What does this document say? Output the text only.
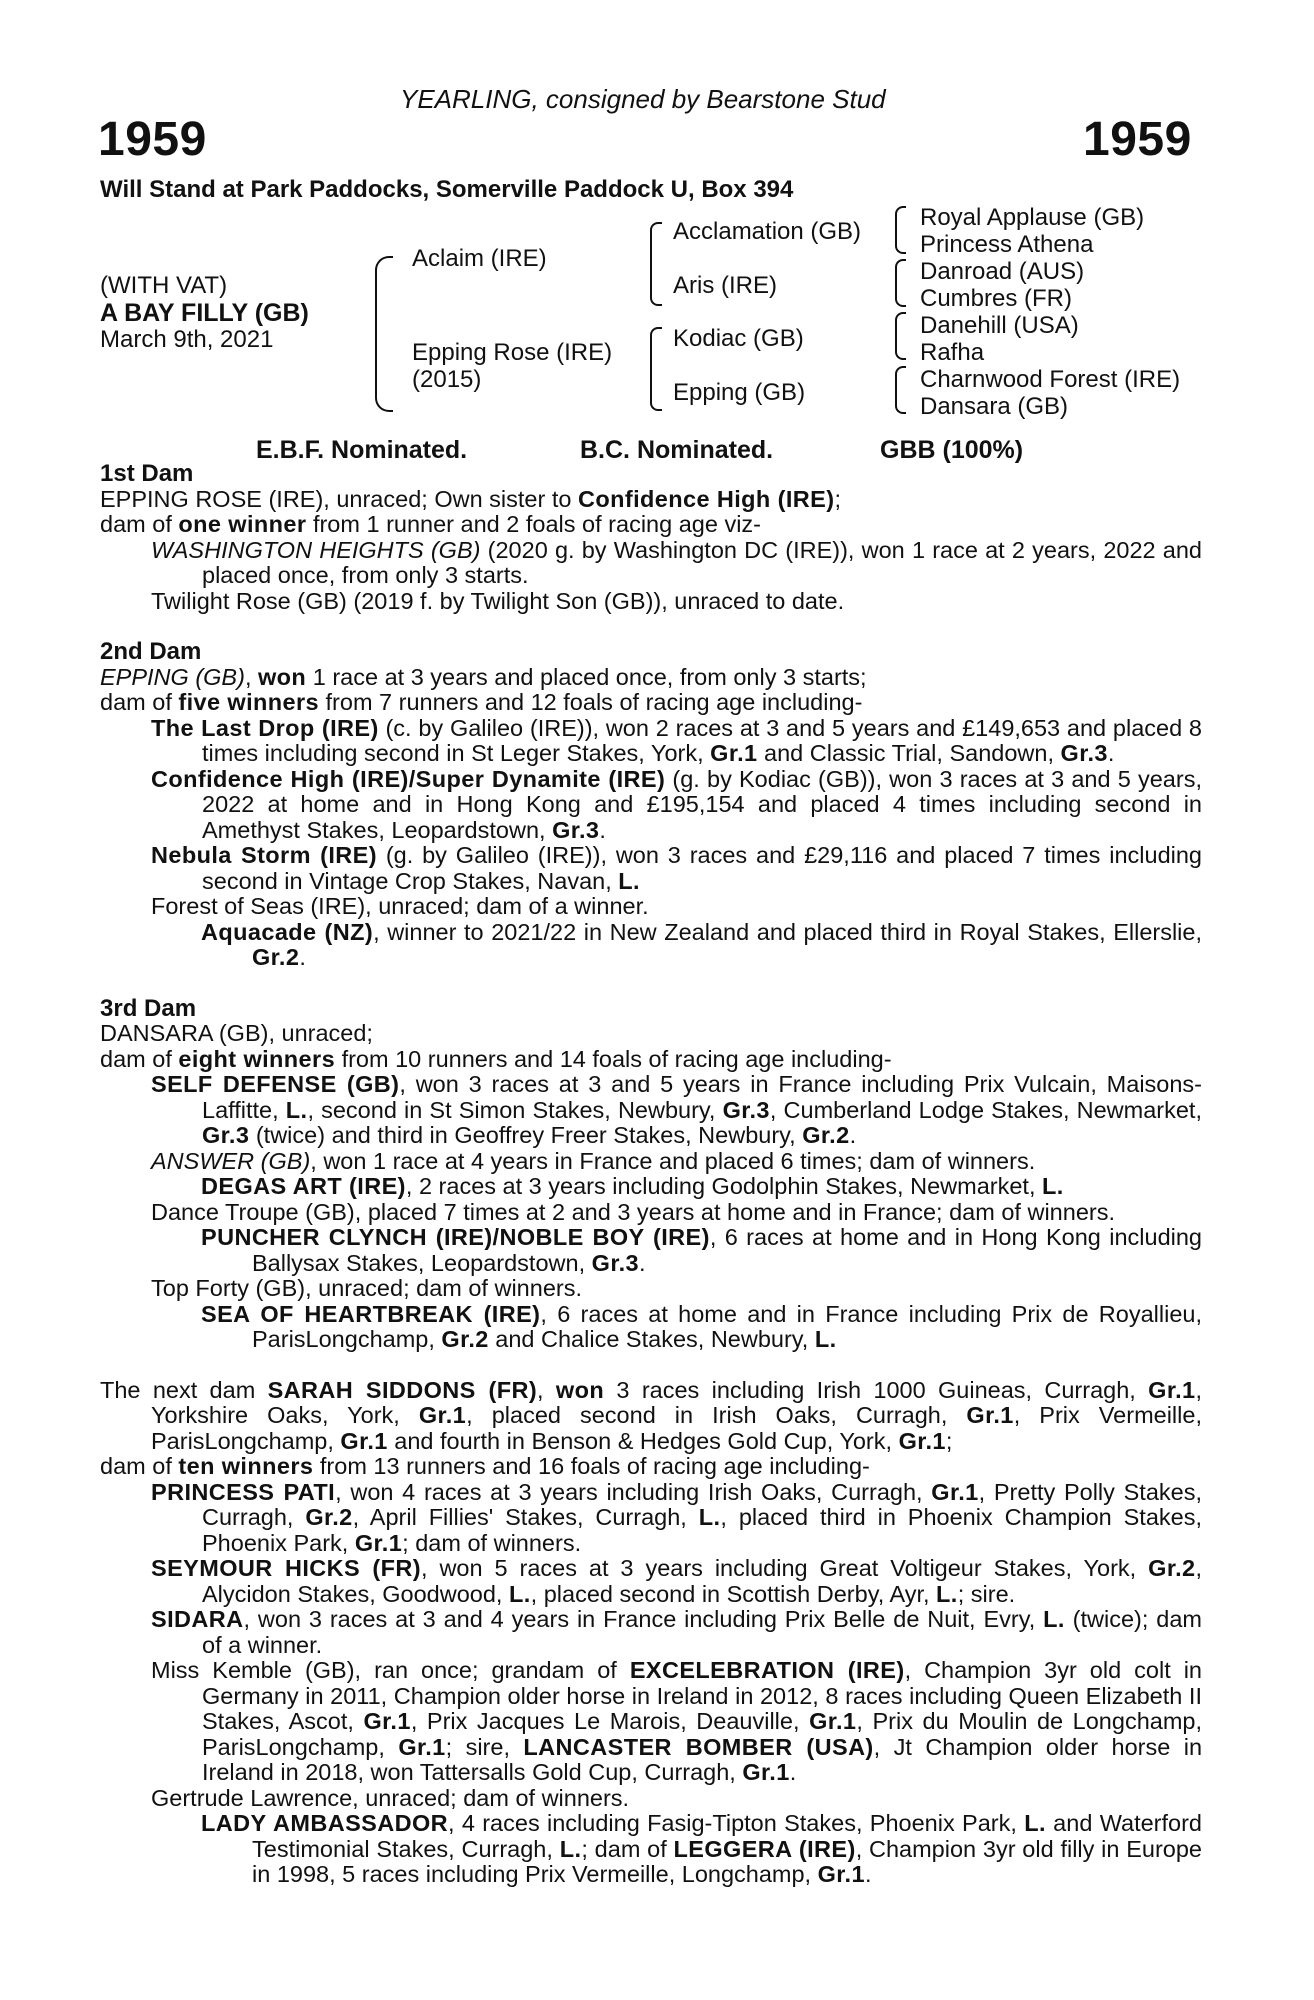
YEARLING, consigned by Bearstone Stud
1959	1959
Will Stand at Park Paddocks, Somerville Paddock U, Box 394
(WITH VAT)
A BAY FILLY (GB)
March 9th, 2021
Aclaim (IRE)
Epping Rose (IRE)
(2015)
Acclamation (GB)
Aris (IRE)
Kodiac (GB)
Epping (GB)
Royal Applause (GB)
Princess Athena
Danroad (AUS)
Cumbres (FR)
Danehill (USA)
Rafha
Charnwood Forest (IRE)
Dansara (GB)
E.B.F. Nominated.	B.C. Nominated.	GBB (100%)
1st Dam

EPPING ROSE (IRE), unraced; Own sister to Confidence High (IRE);

dam of one winner from 1 runner and 2 foals of racing age viz-

WASHINGTON HEIGHTS (GB) (2020 g. by Washington DC (IRE)), won 1 race at 2 years, 2022 and placed once, from only 3 starts.

Twilight Rose (GB) (2019 f. by Twilight Son (GB)), unraced to date.

2nd Dam

EPPING (GB), won 1 race at 3 years and placed once, from only 3 starts;

dam of five winners from 7 runners and 12 foals of racing age including-

The Last Drop (IRE) (c. by Galileo (IRE)), won 2 races at 3 and 5 years and £149,653 and placed 8 times including second in St Leger Stakes, York, Gr.1 and Classic Trial, Sandown, Gr.3.

Confidence High (IRE)/Super Dynamite (IRE) (g. by Kodiac (GB)), won 3 races at 3 and 5 years, 2022 at home and in Hong Kong and £195,154 and placed 4 times including second in Amethyst Stakes, Leopardstown, Gr.3.

Nebula Storm (IRE) (g. by Galileo (IRE)), won 3 races and £29,116 and placed 7 times including second in Vintage Crop Stakes, Navan, L.

Forest of Seas (IRE), unraced; dam of a winner.

Aquacade (NZ), winner to 2021/22 in New Zealand and placed third in Royal Stakes, Ellerslie, Gr.2.

3rd Dam

DANSARA (GB), unraced;

dam of eight winners from 10 runners and 14 foals of racing age including-

SELF DEFENSE (GB), won 3 races at 3 and 5 years in France including Prix Vulcain, Maisons-Laffitte, L., second in St Simon Stakes, Newbury, Gr.3, Cumberland Lodge Stakes, Newmarket, Gr.3 (twice) and third in Geoffrey Freer Stakes, Newbury, Gr.2.

ANSWER (GB), won 1 race at 4 years in France and placed 6 times; dam of winners.

DEGAS ART (IRE), 2 races at 3 years including Godolphin Stakes, Newmarket, L.

Dance Troupe (GB), placed 7 times at 2 and 3 years at home and in France; dam of winners.

PUNCHER CLYNCH (IRE)/NOBLE BOY (IRE), 6 races at home and in Hong Kong including Ballysax Stakes, Leopardstown, Gr.3.

Top Forty (GB), unraced; dam of winners.

SEA OF HEARTBREAK (IRE), 6 races at home and in France including Prix de Royallieu, ParisLongchamp, Gr.2 and Chalice Stakes, Newbury, L.

The next dam SARAH SIDDONS (FR), won 3 races including Irish 1000 Guineas, Curragh, Gr.1, Yorkshire Oaks, York, Gr.1, placed second in Irish Oaks, Curragh, Gr.1, Prix Vermeille, ParisLongchamp, Gr.1 and fourth in Benson & Hedges Gold Cup, York, Gr.1;

dam of ten winners from 13 runners and 16 foals of racing age including-

PRINCESS PATI, won 4 races at 3 years including Irish Oaks, Curragh, Gr.1, Pretty Polly Stakes, Curragh, Gr.2, April Fillies' Stakes, Curragh, L., placed third in Phoenix Champion Stakes, Phoenix Park, Gr.1; dam of winners.

SEYMOUR HICKS (FR), won 5 races at 3 years including Great Voltigeur Stakes, York, Gr.2, Alycidon Stakes, Goodwood, L., placed second in Scottish Derby, Ayr, L.; sire.

SIDARA, won 3 races at 3 and 4 years in France including Prix Belle de Nuit, Evry, L. (twice); dam of a winner.

Miss Kemble (GB), ran once; grandam of EXCELEBRATION (IRE), Champion 3yr old colt in Germany in 2011, Champion older horse in Ireland in 2012, 8 races including Queen Elizabeth II Stakes, Ascot, Gr.1, Prix Jacques Le Marois, Deauville, Gr.1, Prix du Moulin de Longchamp, ParisLongchamp, Gr.1; sire, LANCASTER BOMBER (USA), Jt Champion older horse in Ireland in 2018, won Tattersalls Gold Cup, Curragh, Gr.1.

Gertrude Lawrence, unraced; dam of winners.

LADY AMBASSADOR, 4 races including Fasig-Tipton Stakes, Phoenix Park, L. and Waterford Testimonial Stakes, Curragh, L.; dam of LEGGERA (IRE), Champion 3yr old filly in Europe in 1998, 5 races including Prix Vermeille, Longchamp, Gr.1.
